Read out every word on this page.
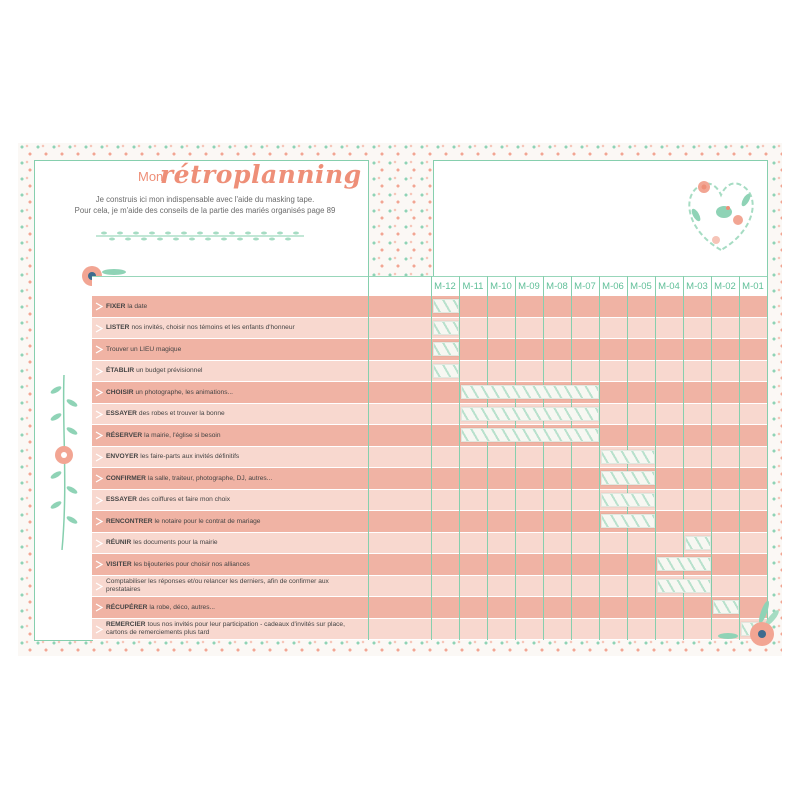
Mon
rétroplanning
Je construis ici mon indispensable avec l'aide du masking tape.
Pour cela, je m'aide des conseils de la partie des mariés organisés page 89
FIXER la date
LISTER nos invités, choisir nos témoins et les enfants d'honneur
Trouver un LIEU magique
ÉTABLIR un budget prévisionnel
CHOISIR un photographe, les animations...
ESSAYER des robes et trouver la bonne
RÉSERVER la mairie, l'église si besoin
ENVOYER les faire-parts aux invités définitifs
CONFIRMER la salle, traiteur, photographe, DJ, autres...
ESSAYER des coiffures et faire mon choix
RENCONTRER le notaire pour le contrat de mariage
RÉUNIR les documents pour la mairie
VISITER les bijouteries pour choisir nos alliances
Comptabiliser les réponses et/ou relancer les derniers, afin de confirmer aux prestataires
RÉCUPÉRER la robe, déco, autres...
REMERCIER tous nos invités pour leur participation - cadeaux d'invités sur place, cartons de remerciements plus tard
M-12 M-11 M-10 M-09 M-08 M-07 M-06 M-05 M-04 M-03 M-02 M-01
